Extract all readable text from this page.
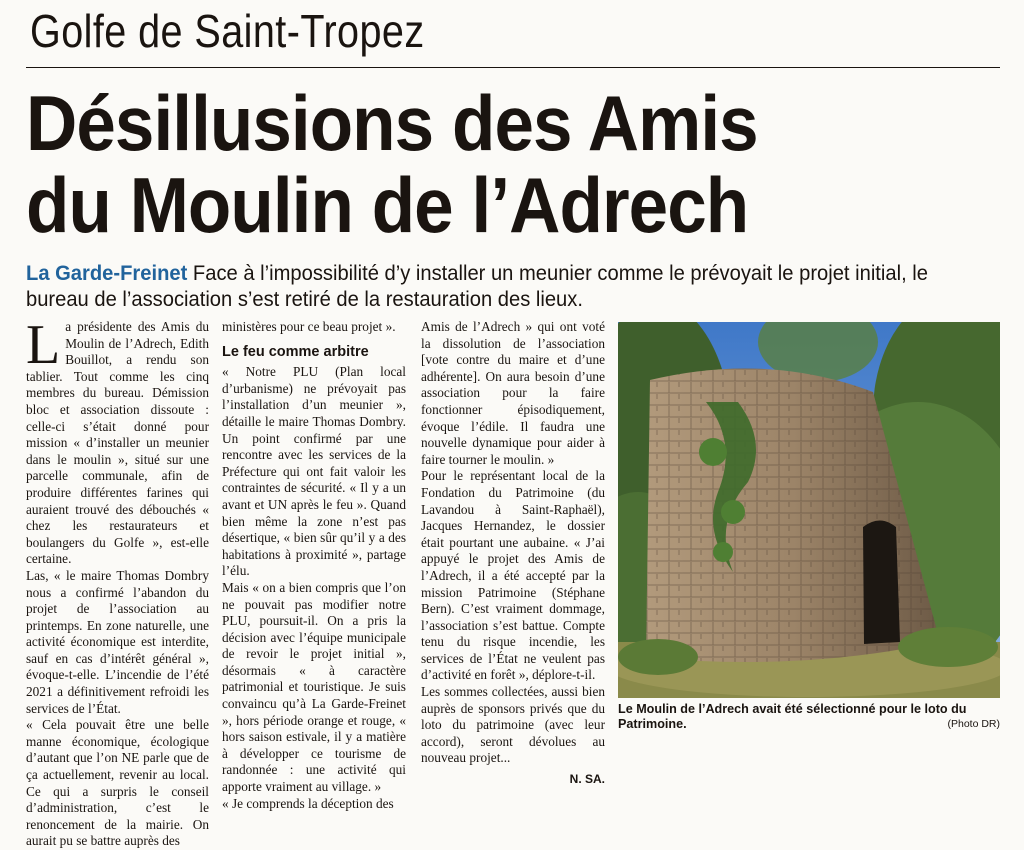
Golfe de Saint-Tropez
Désillusions des Amis
du Moulin de l’Adrech
La Garde-Freinet Face à l’impossibilité d’y installer un meunier comme le prévoyait le projet initial, le bureau de l’association s’est retiré de la restauration des lieux.
L a présidente des Amis du Moulin de l’Adrech, Edith Bouillot, a rendu son tablier. Tout comme les cinq membres du bureau. Démission bloc et association dissoute : celle-ci s’était donné pour mission « d’installer un meunier dans le moulin », situé sur une parcelle communale, afin de produire différentes farines qui auraient trouvé des débouchés « chez les restaurateurs et boulangers du Golfe », est-elle certaine.

Las, « le maire Thomas Dombry nous a confirmé l’abandon du projet de l’association au printemps. En zone naturelle, une activité économique est interdite, sauf en cas d’intérêt général », évoque-t-elle. L’incendie de l’été 2021 a définitivement refroidi les services de l’État.

« Cela pouvait être une belle manne économique, écologique d’autant que l’on NE parle que de ça actuellement, revenir au local. Ce qui a surpris le conseil d’administration, c’est le renoncement de la mairie. On aurait pu se battre auprès des

ministères pour ce beau projet ».

Le feu comme arbitre

« Notre PLU (Plan local d’urbanisme) ne prévoyait pas l’installation d’un meunier », détaille le maire Thomas Dombry. Un point confirmé par une rencontre avec les services de la Préfecture qui ont fait valoir les contraintes de sécurité. « Il y a un avant et UN après le feu ». Quand bien même la zone n’est pas désertique, « bien sûr qu’il y a des habitations à proximité », partage l’élu.

Mais « on a bien compris que l’on ne pouvait pas modifier notre PLU, poursuit-il. On a pris la décision avec l’équipe municipale de revoir le projet initial », désormais « à caractère patrimonial et touristique. Je suis convaincu qu’à La Garde-Freinet », hors période orange et rouge, « hors saison estivale, il y a matière à développer ce tourisme de randonnée : une activité qui apporte vraiment au village. »

« Je comprends la déception des

Amis de l’Adrech » qui ont voté la dissolution de l’association [vote contre du maire et d’une adhérente]. On aura besoin d’une association pour la faire fonctionner épisodiquement, évoque l’édile. Il faudra une nouvelle dynamique pour aider à faire tourner le moulin. »

Pour le représentant local de la Fondation du Patrimoine (du Lavandou à Saint-Raphaël), Jacques Hernandez, le dossier était pourtant une aubaine. « J’ai appuyé le projet des Amis de l’Adrech, il a été accepté par la mission Patrimoine (Stéphane Bern). C’est vraiment dommage, l’association s’est battue. Compte tenu du risque incendie, les services de l’État ne veulent pas d’activité en forêt », déplore-t-il.

Les sommes collectées, aussi bien auprès de sponsors privés que du loto du patrimoine (avec leur accord), seront dévolues au nouveau projet...

N. SA.

Le Moulin de l’Adrech avait été sélectionné pour le loto du Patrimoine.	(Photo DR)
